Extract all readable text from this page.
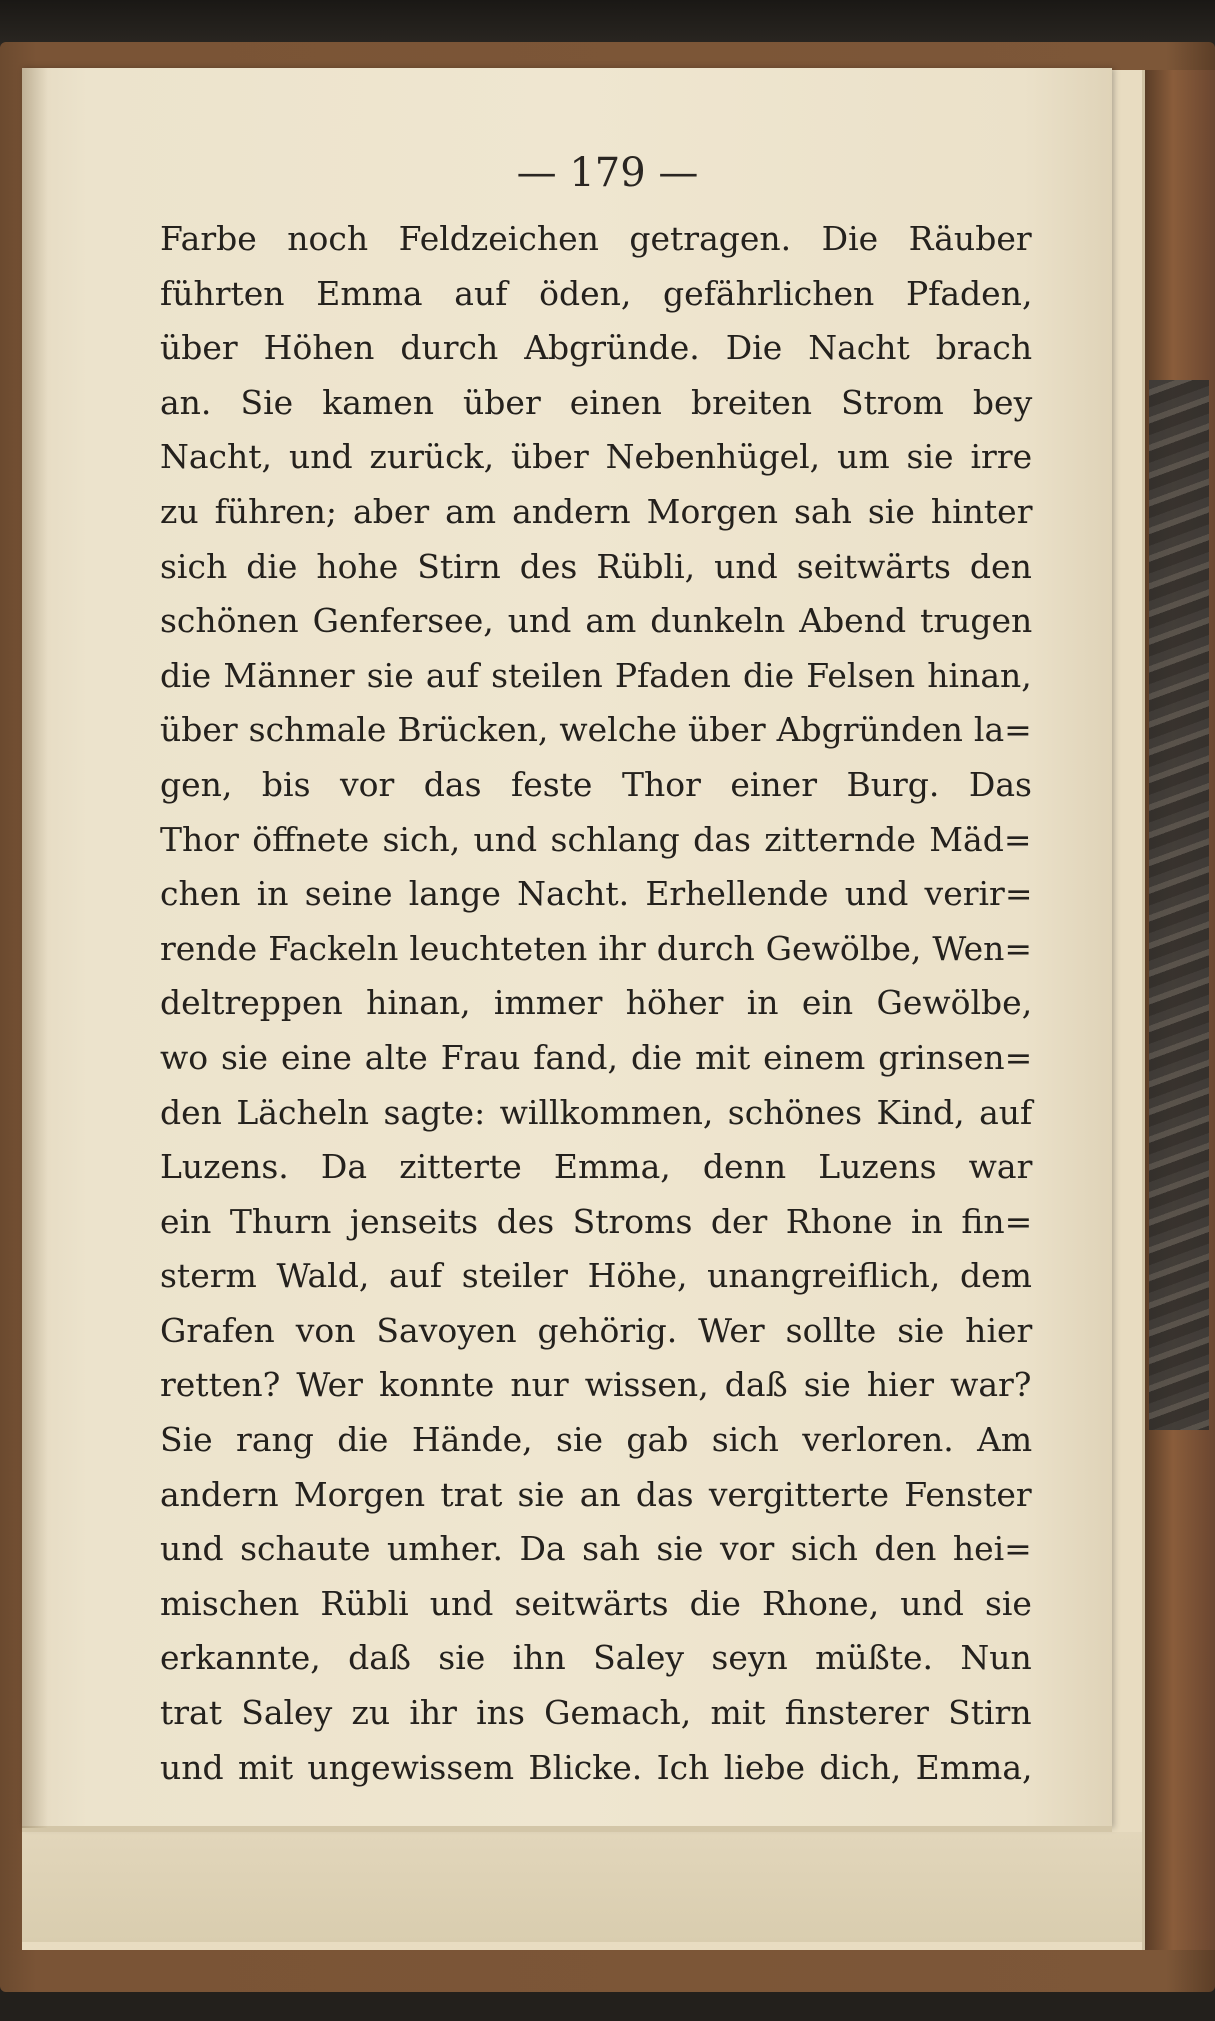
— 179 —
Farbe noch Feldzeichen getragen. Die Räuber
führten Emma auf öden, gefährlichen Pfaden,
über Höhen durch Abgründe. Die Nacht brach
an. Sie kamen über einen breiten Strom bey
Nacht, und zurück, über Nebenhügel, um sie irre
zu führen; aber am andern Morgen sah sie hinter
sich die hohe Stirn des Rübli, und seitwärts den
schönen Genfersee, und am dunkeln Abend trugen
die Männer sie auf steilen Pfaden die Felsen hinan,
über schmale Brücken, welche über Abgründen la=
gen, bis vor das feste Thor einer Burg. Das
Thor öffnete sich, und schlang das zitternde Mäd=
chen in seine lange Nacht. Erhellende und verir=
rende Fackeln leuchteten ihr durch Gewölbe, Wen=
deltreppen hinan, immer höher in ein Gewölbe,
wo sie eine alte Frau fand, die mit einem grinsen=
den Lächeln sagte: willkommen, schönes Kind, auf
Luzens. Da zitterte Emma, denn Luzens war
ein Thurn jenseits des Stroms der Rhone in fin=
sterm Wald, auf steiler Höhe, unangreiflich, dem
Grafen von Savoyen gehörig. Wer sollte sie hier
retten? Wer konnte nur wissen, daß sie hier war?
Sie rang die Hände, sie gab sich verloren. Am
andern Morgen trat sie an das vergitterte Fenster
und schaute umher. Da sah sie vor sich den hei=
mischen Rübli und seitwärts die Rhone, und sie
erkannte, daß sie ihn Saley seyn müßte. Nun
trat Saley zu ihr ins Gemach, mit finsterer Stirn
und mit ungewissem Blicke. Ich liebe dich, Emma,
